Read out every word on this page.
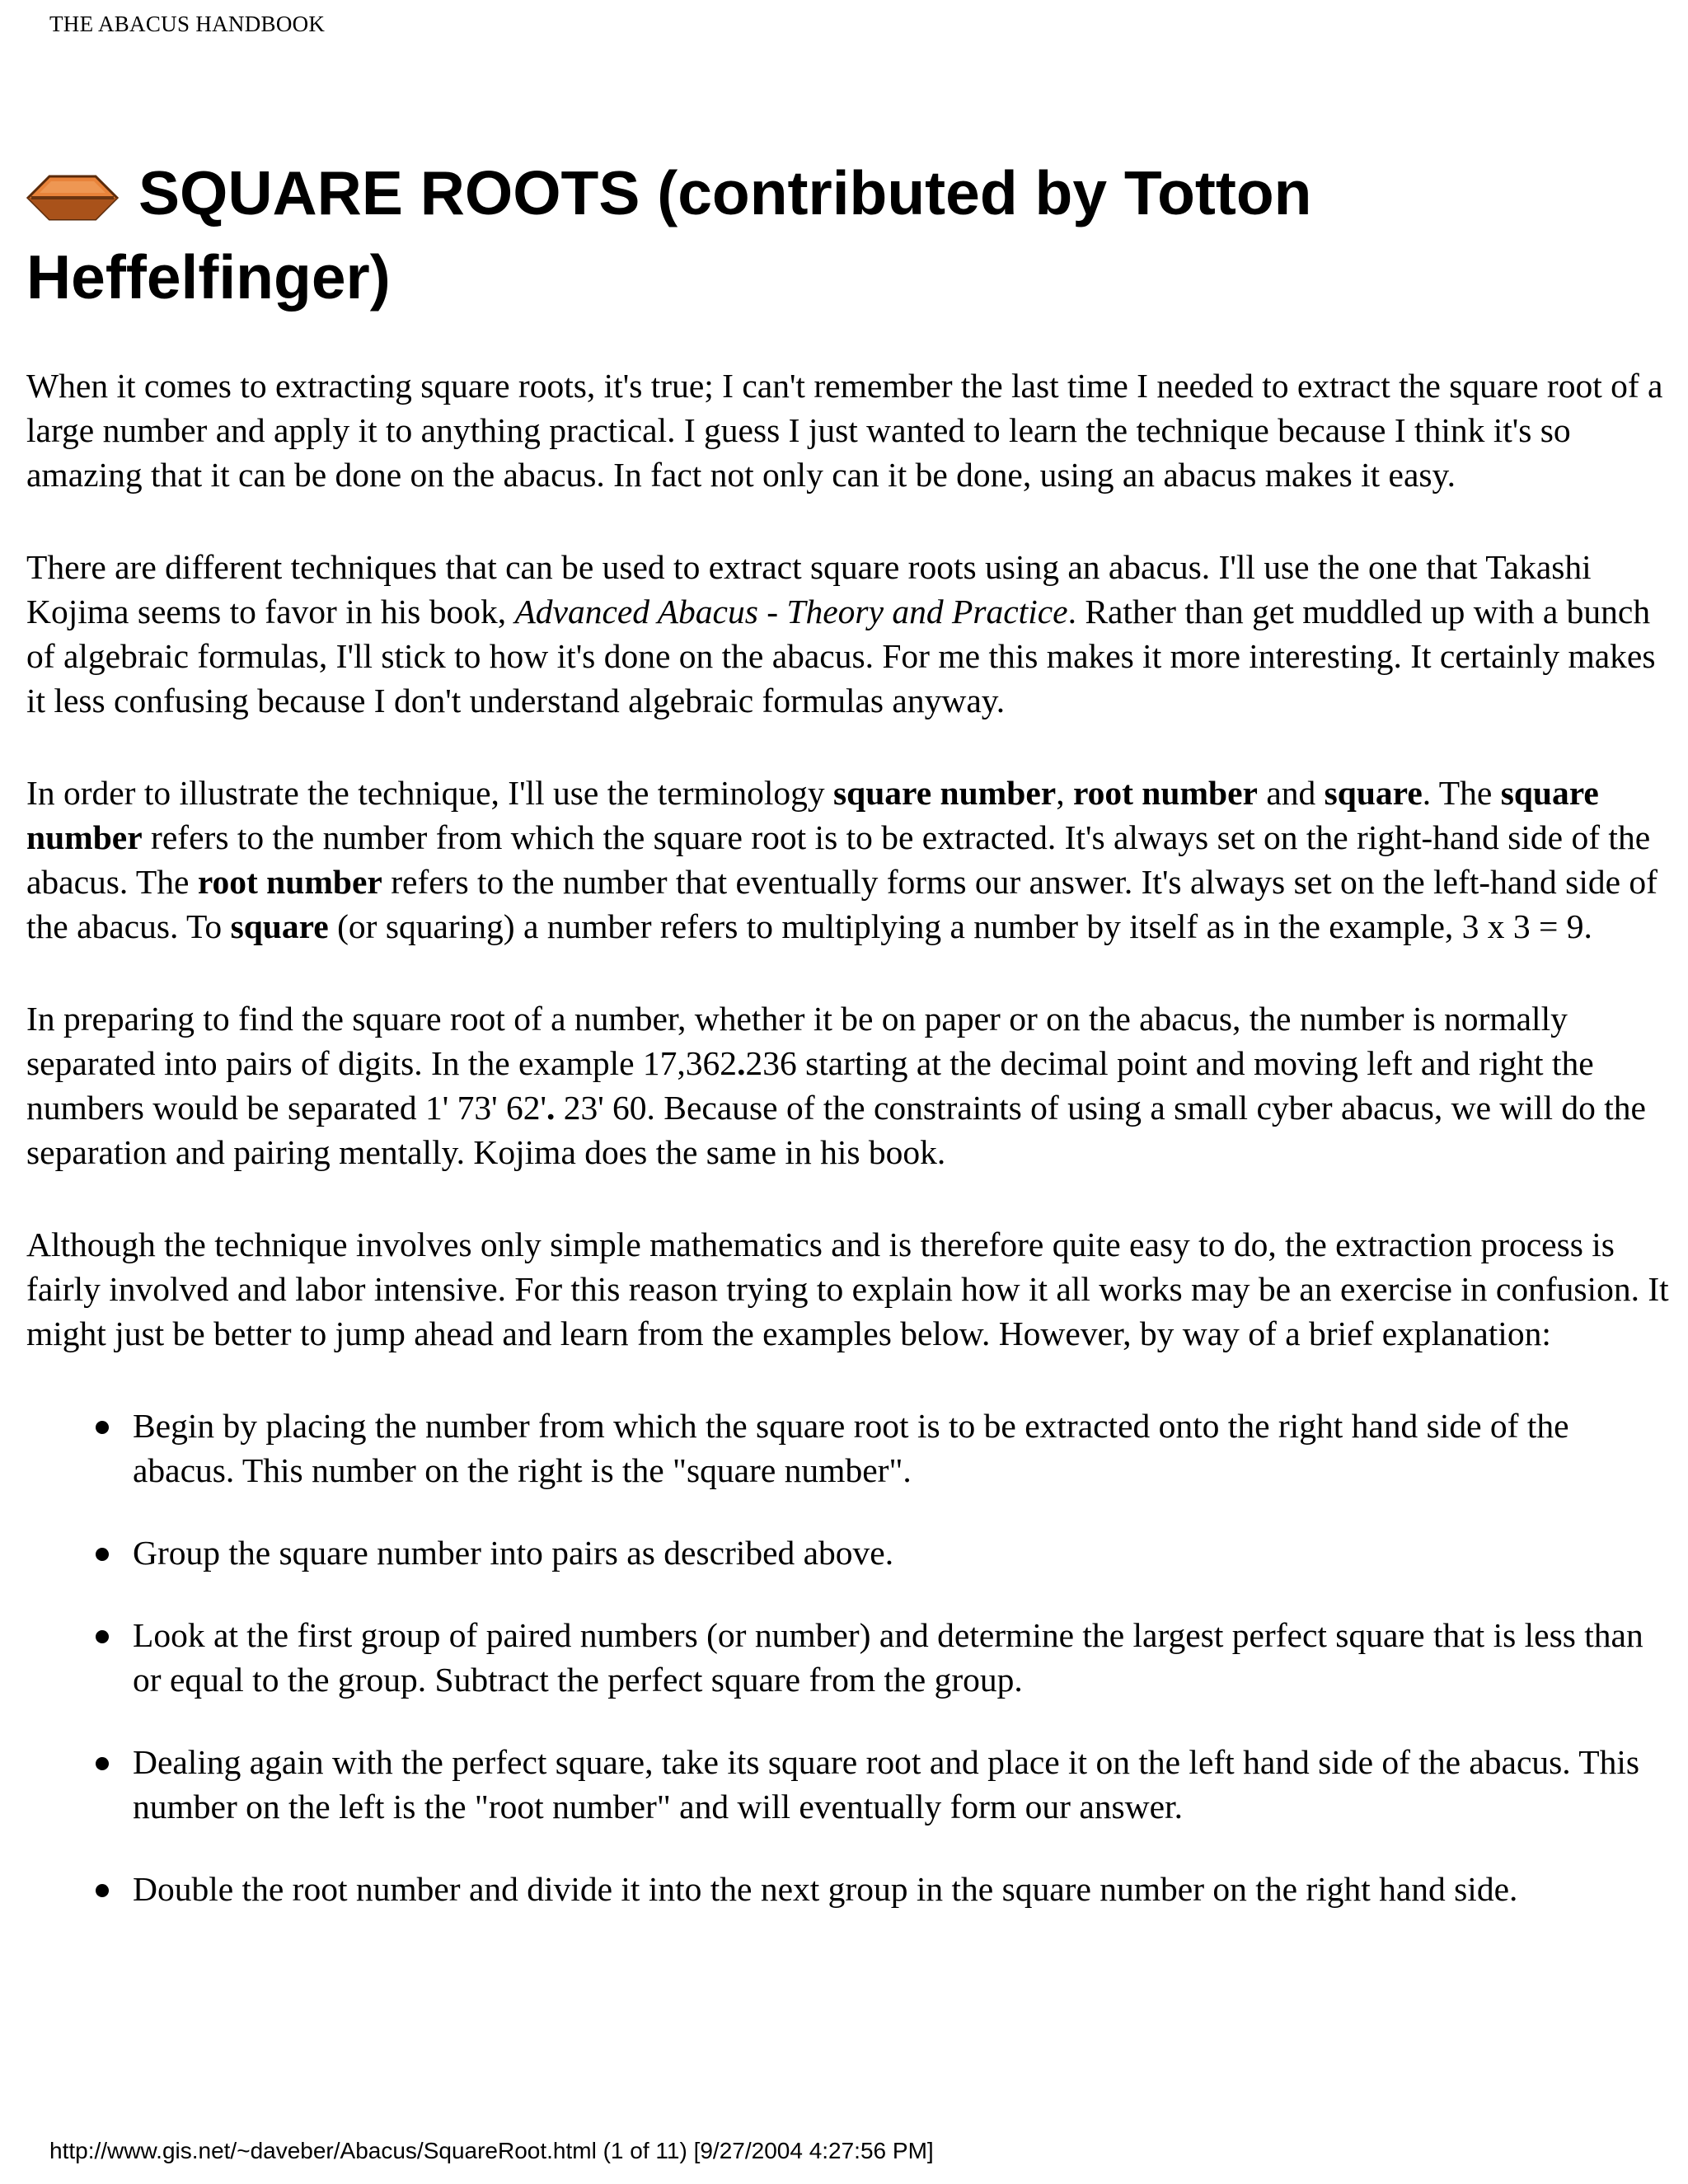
THE ABACUS HANDBOOK
SQUARE ROOTS (contributed by Totton Heffelfinger)

When it comes to extracting square roots, it's true; I can't remember the last time I needed to extract the square root of a large number and apply it to anything practical. I guess I just wanted to learn the technique because I think it's so amazing that it can be done on the abacus. In fact not only can it be done, using an abacus makes it easy.

There are different techniques that can be used to extract square roots using an abacus. I'll use the one that Takashi Kojima seems to favor in his book, Advanced Abacus - Theory and Practice. Rather than get muddled up with a bunch of algebraic formulas, I'll stick to how it's done on the abacus. For me this makes it more interesting. It certainly makes it less confusing because I don't understand algebraic formulas anyway.

In order to illustrate the technique, I'll use the terminology square number, root number and square. The square number refers to the number from which the square root is to be extracted. It's always set on the right-hand side of the abacus. The root number refers to the number that eventually forms our answer. It's always set on the left-hand side of the abacus. To square (or squaring) a number refers to multiplying a number by itself as in the example, 3 x 3 = 9.

In preparing to find the square root of a number, whether it be on paper or on the abacus, the number is normally separated into pairs of digits. In the example 17,362.236 starting at the decimal point and moving left and right the numbers would be separated 1' 73' 62'. 23' 60. Because of the constraints of using a small cyber abacus, we will do the separation and pairing mentally. Kojima does the same in his book.

Although the technique involves only simple mathematics and is therefore quite easy to do, the extraction process is fairly involved and labor intensive. For this reason trying to explain how it all works may be an exercise in confusion. It might just be better to jump ahead and learn from the examples below. However, by way of a brief explanation:

Begin by placing the number from which the square root is to be extracted onto the right hand side of the abacus. This number on the right is the "square number".
Group the square number into pairs as described above.
Look at the first group of paired numbers (or number) and determine the largest perfect square that is less than or equal to the group. Subtract the perfect square from the group.
Dealing again with the perfect square, take its square root and place it on the left hand side of the abacus. This number on the left is the "root number" and will eventually form our answer.
Double the root number and divide it into the next group in the square number on the right hand side.
http://www.gis.net/~daveber/Abacus/SquareRoot.html (1 of 11) [9/27/2004 4:27:56 PM]
